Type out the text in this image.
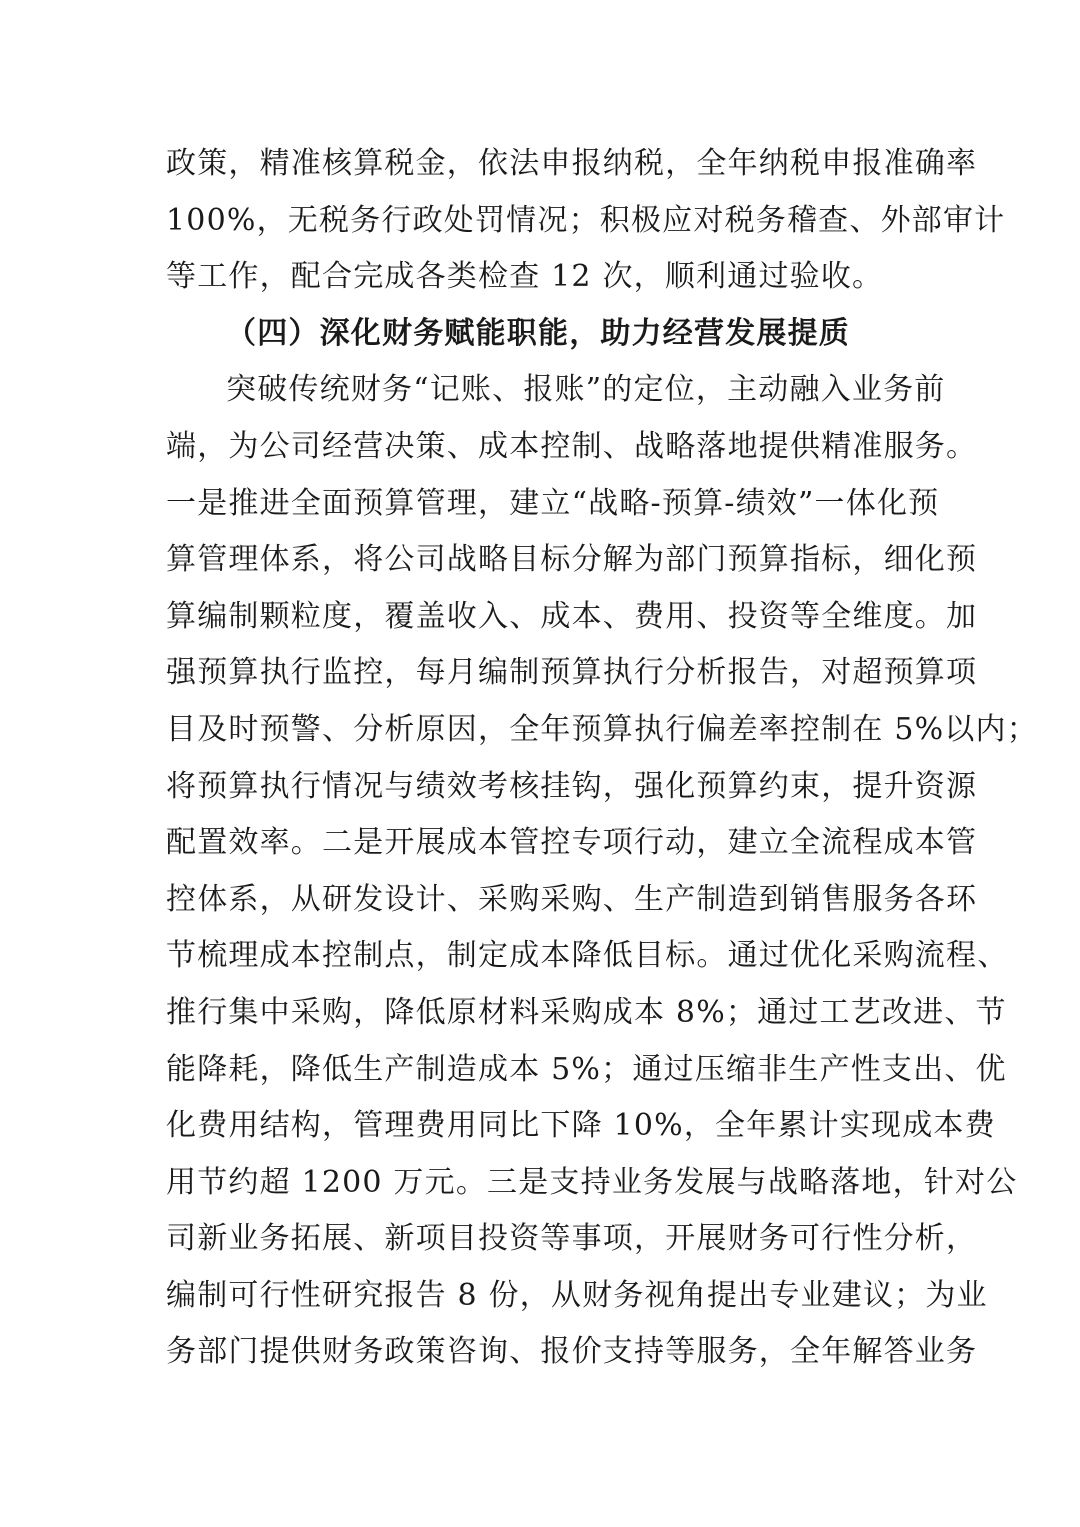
政策，精准核算税金，依法申报纳税，全年纳税申报准确率
100%，无税务行政处罚情况；积极应对税务稽查、外部审计
等工作，配合完成各类检查 12 次，顺利通过验收。
（四）深化财务赋能职能，助力经营发展提质
突破传统财务“记账、报账”的定位，主动融入业务前
端，为公司经营决策、成本控制、战略落地提供精准服务。
一是推进全面预算管理，建立“战略-预算-绩效”一体化预
算管理体系，将公司战略目标分解为部门预算指标，细化预
算编制颗粒度，覆盖收入、成本、费用、投资等全维度。加
强预算执行监控，每月编制预算执行分析报告，对超预算项
目及时预警、分析原因，全年预算执行偏差率控制在 5%以内；
将预算执行情况与绩效考核挂钩，强化预算约束，提升资源
配置效率。二是开展成本管控专项行动，建立全流程成本管
控体系，从研发设计、采购采购、生产制造到销售服务各环
节梳理成本控制点，制定成本降低目标。通过优化采购流程、
推行集中采购，降低原材料采购成本 8%；通过工艺改进、节
能降耗，降低生产制造成本 5%；通过压缩非生产性支出、优
化费用结构，管理费用同比下降 10%，全年累计实现成本费
用节约超 1200 万元。三是支持业务发展与战略落地，针对公
司新业务拓展、新项目投资等事项，开展财务可行性分析，
编制可行性研究报告 8 份，从财务视角提出专业建议；为业
务部门提供财务政策咨询、报价支持等服务，全年解答业务
